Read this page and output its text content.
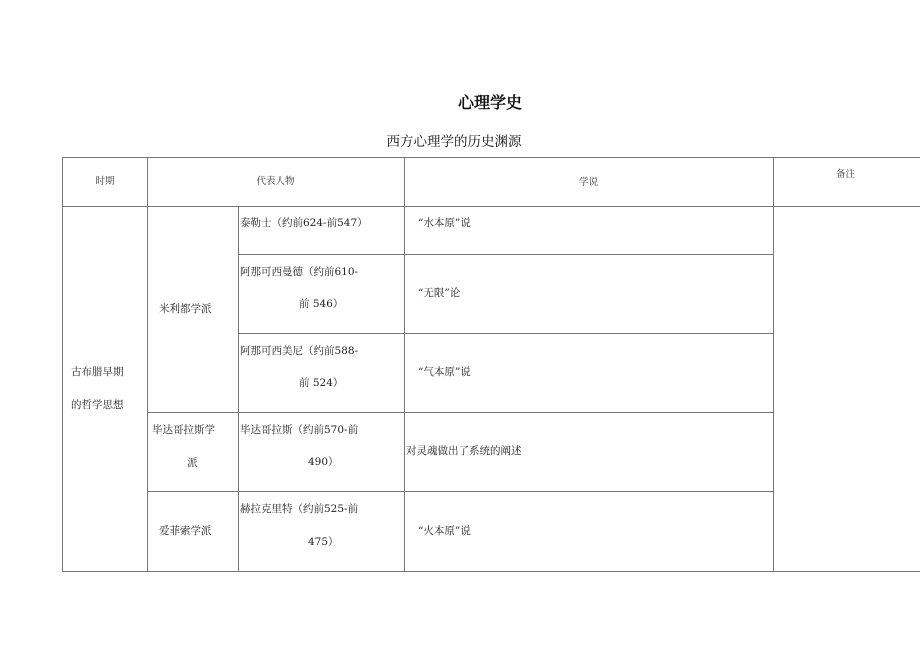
心理学史
西方心理学的历史渊源
时期	代表人物	学说
备注
古布腊早期
的哲学思想
米利都学派
毕达哥拉斯学
派
爱菲索学派
泰勒士（约前624-前547）
阿那可西曼德（约前610-
前 546）
阿那可西美尼（约前588-
前 524）
毕达哥拉斯（约前570-前
490）
赫拉克里特（约前525-前
475）
“水本原”说
“无限”论
“气本原”说
对灵魂做出了系统的阐述
“火本原”说
